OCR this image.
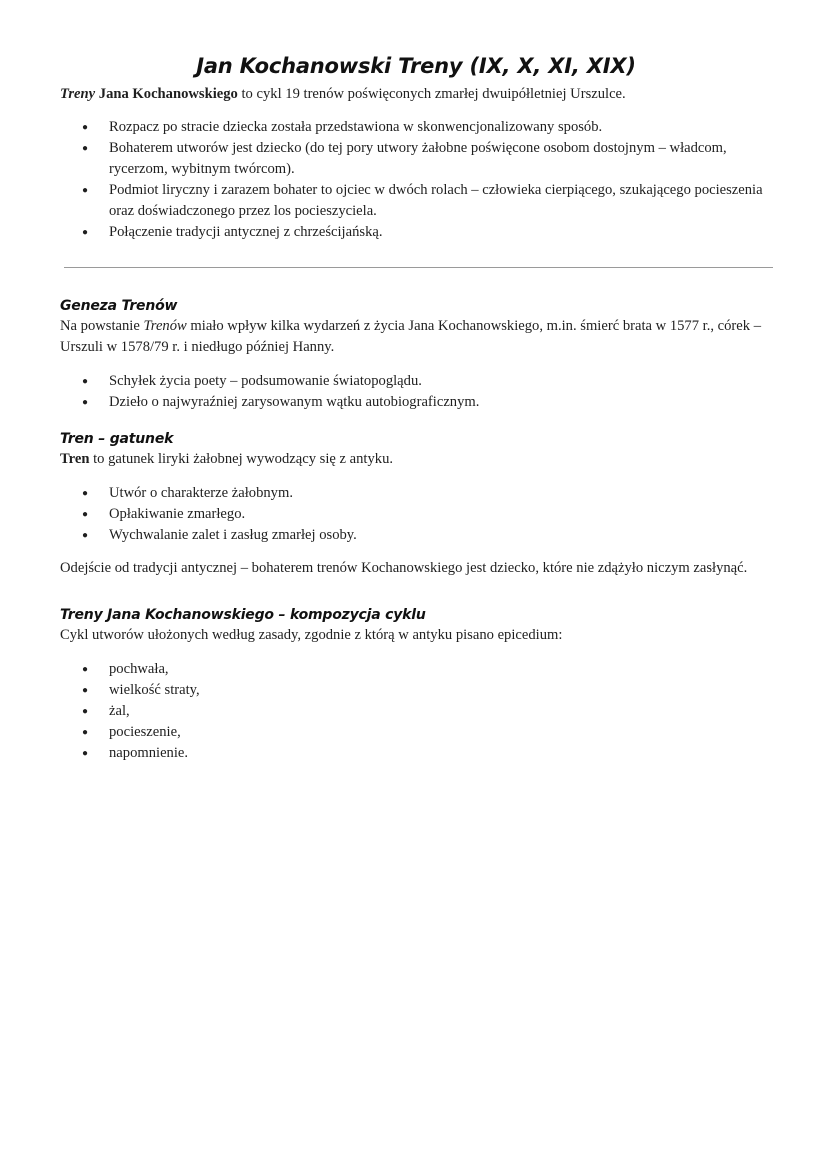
Jan Kochanowski Treny (IX, X, XI, XIX)

Treny Jana Kochanowskiego to cykl 19 trenów poświęconych zmarłej dwuipółletniej Urszulce.

● Rozpacz po stracie dziecka została przedstawiona w skonwencjonalizowany sposób.
● Bohaterem utworów jest dziecko (do tej pory utwory żałobne poświęcone osobom dostojnym – władcom, rycerzom, wybitnym twórcom).
● Podmiot liryczny i zarazem bohater to ojciec w dwóch rolach – człowieka cierpiącego, szukającego pocieszenia oraz doświadczonego przez los pocieszyciela.
● Połączenie tradycji antycznej z chrześcijańską.
Geneza Trenów

Na powstanie Trenów miało wpływ kilka wydarzeń z życia Jana Kochanowskiego, m.in. śmierć brata w 1577 r., córek – Urszuli w 1578/79 r. i niedługo później Hanny.

● Schyłek życia poety – podsumowanie światopoglądu.
● Dzieło o najwyraźniej zarysowanym wątku autobiograficznym.
Tren – gatunek

Tren to gatunek liryki żałobnej wywodzący się z antyku.

● Utwór o charakterze żałobnym.
● Opłakiwanie zmarłego.
● Wychwalanie zalet i zasług zmarłej osoby.

Odejście od tradycji antycznej – bohaterem trenów Kochanowskiego jest dziecko, które nie zdążyło niczym zasłynąć.

Treny Jana Kochanowskiego – kompozycja cyklu

Cykl utworów ułożonych według zasady, zgodnie z którą w antyku pisano epicedium:

● pochwała,
● wielkość straty,
● żal,
● pocieszenie,
● napomnienie.
